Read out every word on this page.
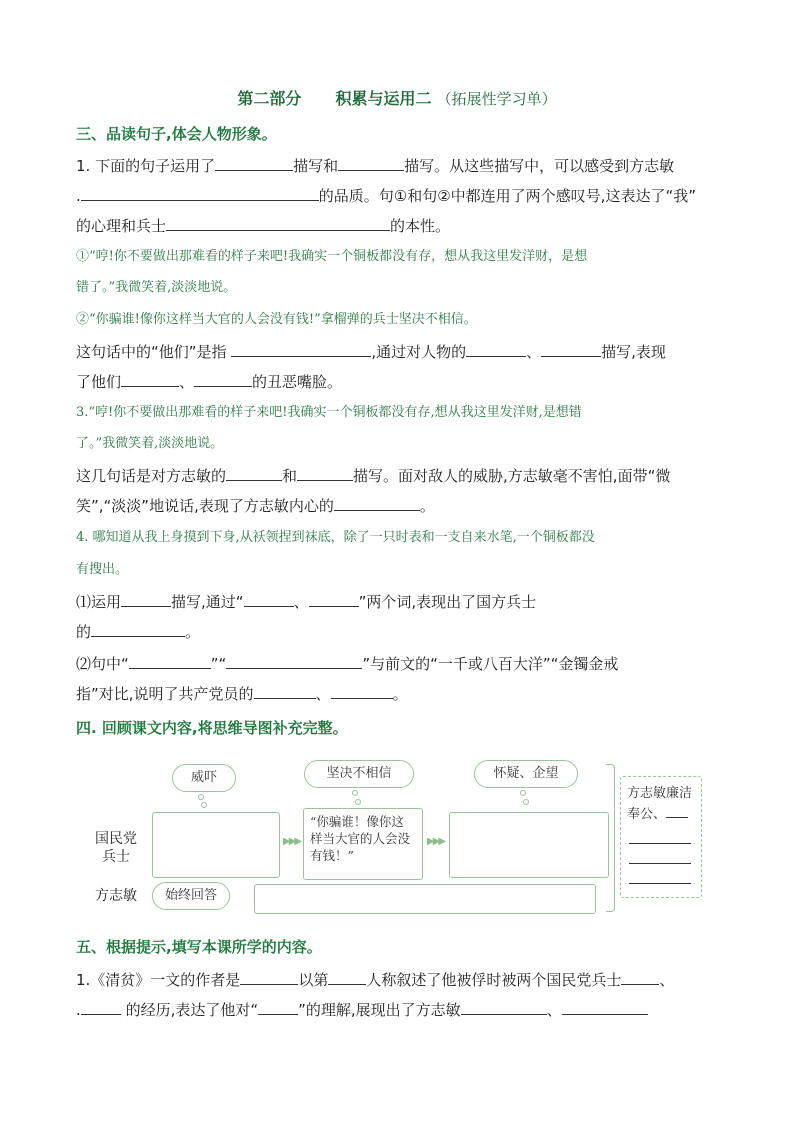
第二部分 积累与运用二 （拓展性学习单）
三、品读句子,体会人物形象。
1. 下面的句子运用了	描写和	描写。从这些描写中，可以感受到方志敏
.	的品质。句①和句②中都连用了两个感叹号,这表达了“我”
的心理和兵士	的本性。
①“哼!你不要做出那难看的样子来吧!我确实一个铜板都没有存，想从我这里发洋财，是想
错了。”我微笑着,淡淡地说。
②“你骗谁!像你这样当大官的人会没有钱!”拿榴弹的兵士坚决不相信。
这句话中的“他们”是指	,通过对人物的	、	描写,表现
了他们	、	的丑恶嘴脸。
3.“哼!你不要做出那难看的样子来吧!我确实一个铜板都没有存,想从我这里发洋财,是想错
了。”我微笑着,淡淡地说。
这几句话是对方志敏的	和	描写。面对敌人的威胁,方志敏毫不害怕,面带“微
笑”,“淡淡”地说话,表现了方志敏内心的	。
4. 哪知道从我上身摸到下身,从袄领捏到袜底，除了一只时表和一支自来水笔,一个铜板都没
有搜出。
⑴运用	描写,通过“	、	”两个词,表现出了国方兵士
的	。
⑵句中“	”“	”与前文的“一千或八百大洋”“金镯金戒
指”对比,说明了共产党员的	、	。
四. 回顾课文内容,将思维导图补充完整。
威吓	坚决不相信	怀疑、企望
国民党
兵士
方志敏
▶▶▶
“你骗谁！像你这样当大官的人会没有钱！”
▶▶▶
始终回答
方志敏廉洁奉公、
五、根据提示,填写本课所学的内容。
1.《清贫》一文的作者是	以第	人称叙述了他被俘时被两个国民党兵士	、
.	的经历,表达了他对“	”的理解,展现出了方志敏	、
